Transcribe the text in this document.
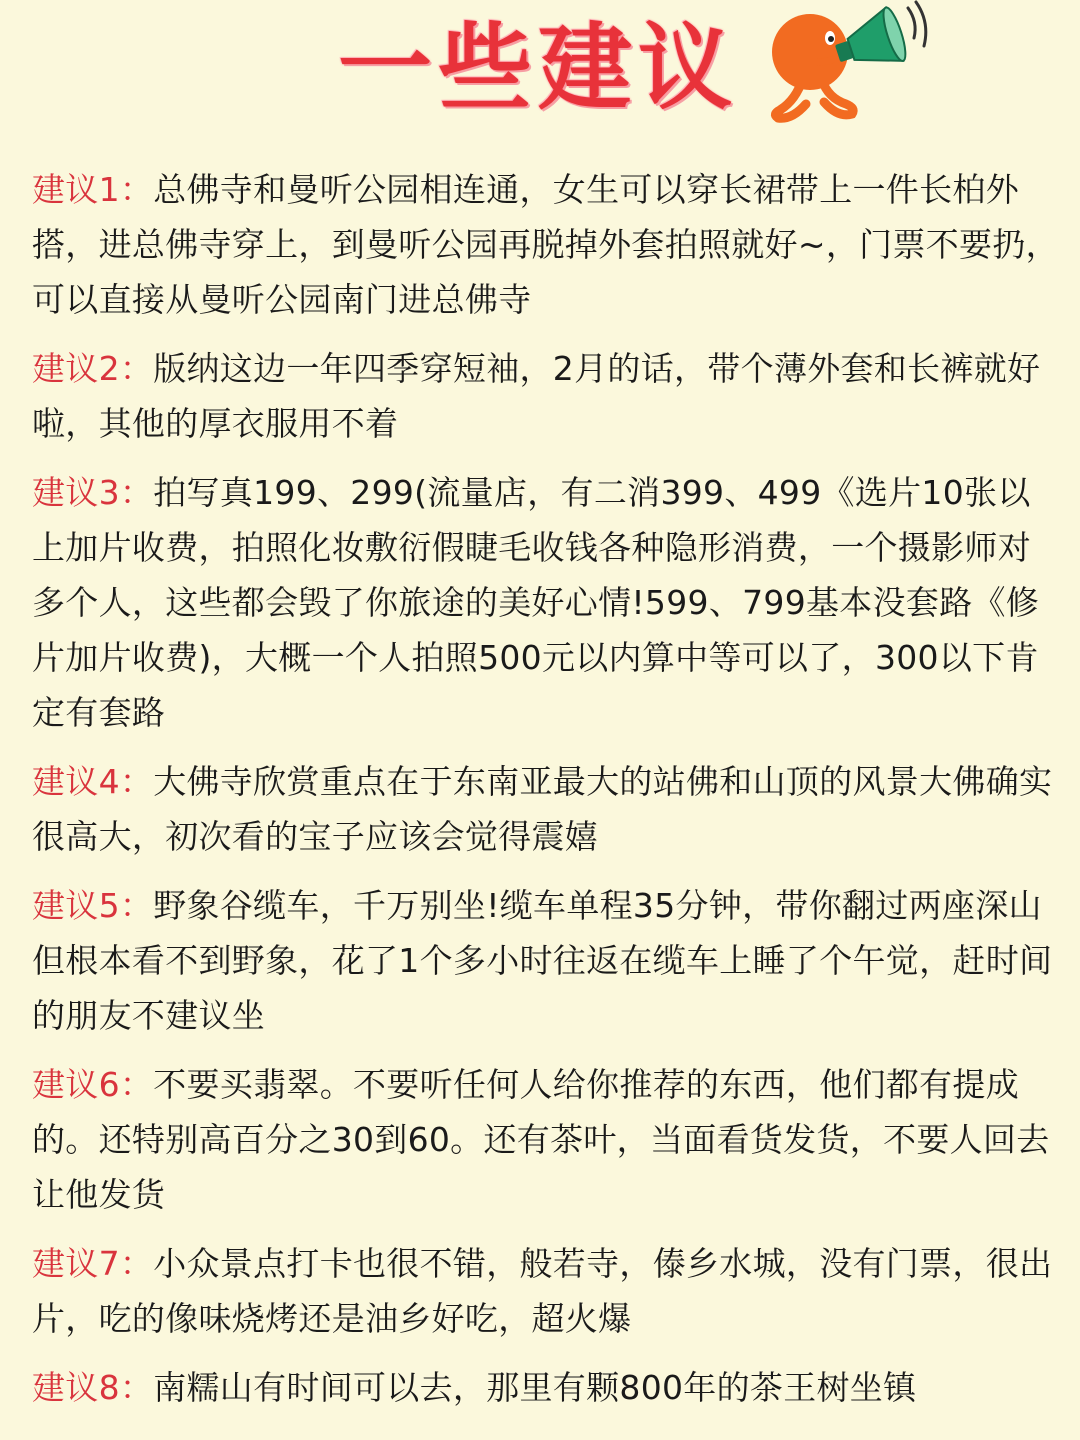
一些建议
建议1：总佛寺和曼听公园相连通，女生可以穿长裙带上一件长柏外搭，进总佛寺穿上，到曼听公园再脱掉外套拍照就好~，门票不要扔，可以直接从曼听公园南门进总佛寺
建议2：版纳这边一年四季穿短袖，2月的话，带个薄外套和长裤就好啦，其他的厚衣服用不着
建议3：拍写真199、299(流量店，有二消399、499《选片10张以上加片收费，拍照化妆敷衍假睫毛收钱各种隐形消费，一个摄影师对多个人，这些都会毁了你旅途的美好心情!599、799基本没套路《修片加片收费)，大概一个人拍照500元以内算中等可以了，300以下肯定有套路
建议4：大佛寺欣赏重点在于东南亚最大的站佛和山顶的风景大佛确实很高大，初次看的宝子应该会觉得震嬉
建议5：野象谷缆车，千万别坐!缆车单程35分钟，带你翻过两座深山但根本看不到野象，花了1个多小时往返在缆车上睡了个午觉，赶时间的朋友不建议坐
建议6：不要买翡翠。不要听任何人给你推荐的东西，他们都有提成的。还特别高百分之30到60。还有茶叶，当面看货发货，不要人回去让他发货
建议7：小众景点打卡也很不错，般若寺，傣乡水城，没有门票，很出片，吃的像味烧烤还是油乡好吃，超火爆
建议8：南糯山有时间可以去，那里有颗800年的茶王树坐镇
